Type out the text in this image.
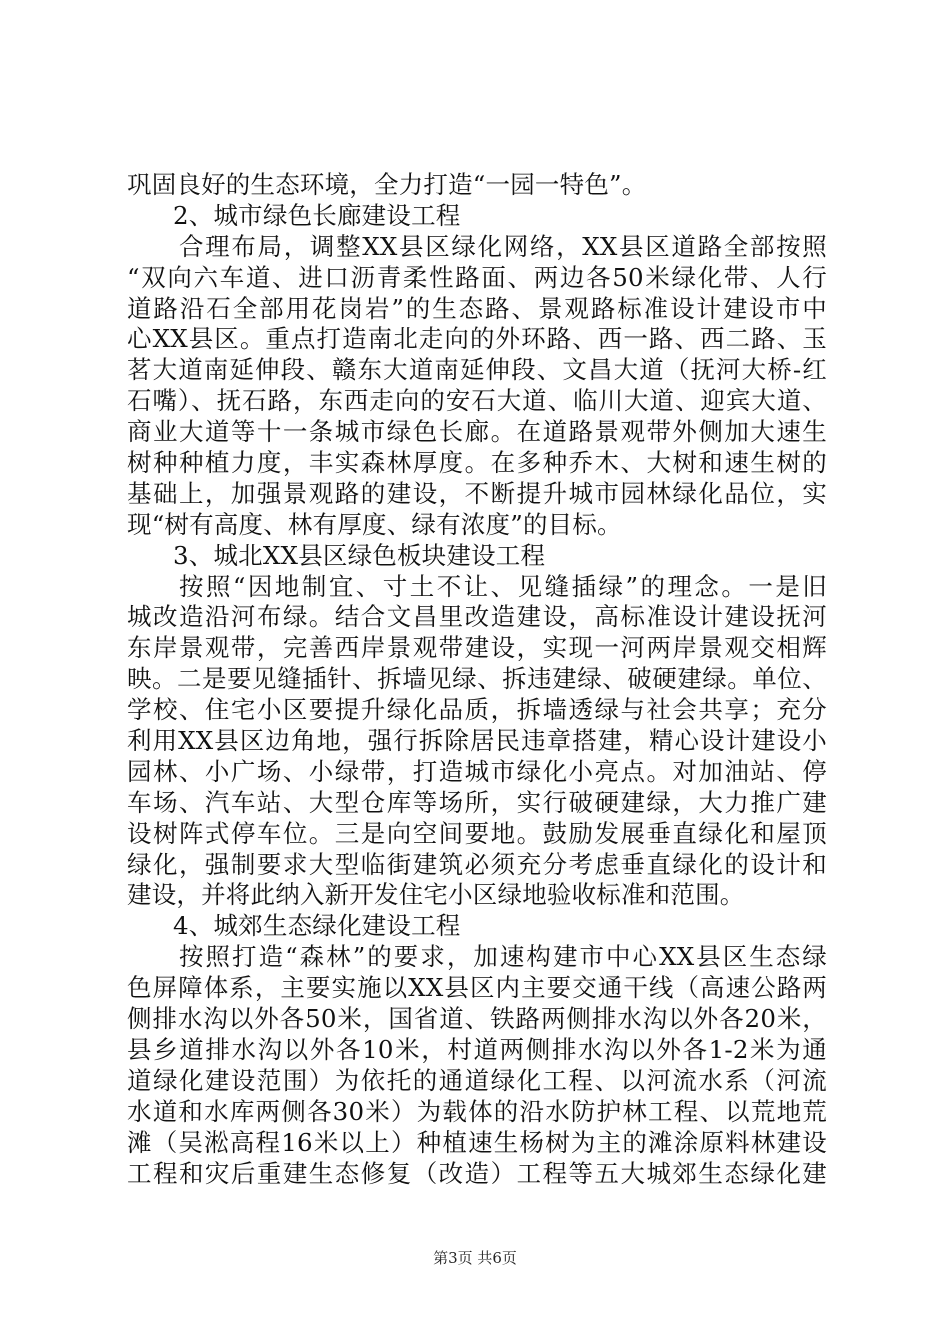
巩固良好的生态环境，全力打造“一园一特色”。
2、城市绿色长廊建设工程
合理布局，调整XX县区绿化网络，XX县区道路全部按照
“双向六车道、进口沥青柔性路面、两边各50米绿化带、人行
道路沿石全部用花岗岩”的生态路、景观路标准设计建设市中
心XX县区。重点打造南北走向的外环路、西一路、西二路、玉
茗大道南延伸段、赣东大道南延伸段、文昌大道（抚河大桥-红
石嘴）、抚石路，东西走向的安石大道、临川大道、迎宾大道、
商业大道等十一条城市绿色长廊。在道路景观带外侧加大速生
树种种植力度，丰实森林厚度。在多种乔木、大树和速生树的
基础上，加强景观路的建设，不断提升城市园林绿化品位，实
现“树有高度、林有厚度、绿有浓度”的目标。
3、城北XX县区绿色板块建设工程
按照“因地制宜、寸土不让、见缝插绿”的理念。一是旧
城改造沿河布绿。结合文昌里改造建设，高标准设计建设抚河
东岸景观带，完善西岸景观带建设，实现一河两岸景观交相辉
映。二是要见缝插针、拆墙见绿、拆违建绿、破硬建绿。单位、
学校、住宅小区要提升绿化品质，拆墙透绿与社会共享；充分
利用XX县区边角地，强行拆除居民违章搭建，精心设计建设小
园林、小广场、小绿带，打造城市绿化小亮点。对加油站、停
车场、汽车站、大型仓库等场所，实行破硬建绿，大力推广建
设树阵式停车位。三是向空间要地。鼓励发展垂直绿化和屋顶
绿化，强制要求大型临街建筑必须充分考虑垂直绿化的设计和
建设，并将此纳入新开发住宅小区绿地验收标准和范围。
4、城郊生态绿化建设工程
按照打造“森林”的要求，加速构建市中心XX县区生态绿
色屏障体系，主要实施以XX县区内主要交通干线（高速公路两
侧排水沟以外各50米，国省道、铁路两侧排水沟以外各20米，
县乡道排水沟以外各10米，村道两侧排水沟以外各1-2米为通
道绿化建设范围）为依托的通道绿化工程、以河流水系（河流
水道和水库两侧各30米）为载体的沿水防护林工程、以荒地荒
滩（吴淞高程16米以上）种植速生杨树为主的滩涂原料林建设
工程和灾后重建生态修复（改造）工程等五大城郊生态绿化建
第3页 共6页
